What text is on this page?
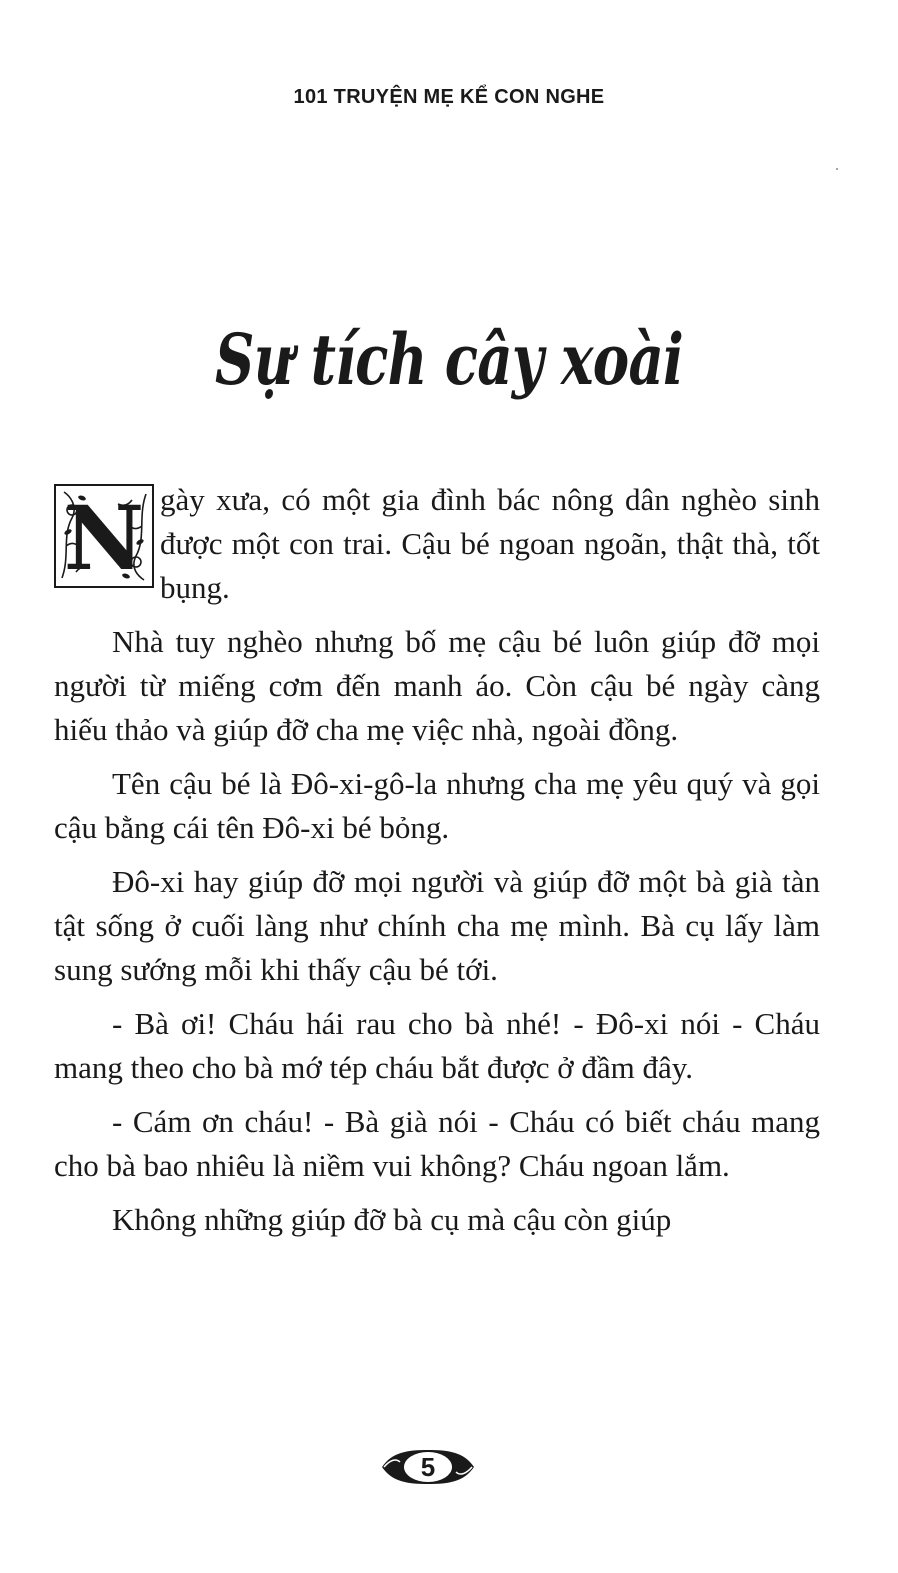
101 TRUYỆN MẸ KỂ CON NGHE
Sự tích cây xoài

N gày xưa, có một gia đình bác nông dân nghèo sinh được một con trai. Cậu bé ngoan ngoãn, thật thà, tốt bụng.

Nhà tuy nghèo nhưng bố mẹ cậu bé luôn giúp đỡ mọi người từ miếng cơm đến manh áo. Còn cậu bé ngày càng hiếu thảo và giúp đỡ cha mẹ việc nhà, ngoài đồng.

Tên cậu bé là Đô-xi-gô-la nhưng cha mẹ yêu quý và gọi cậu bằng cái tên Đô-xi bé bỏng.

Đô-xi hay giúp đỡ mọi người và giúp đỡ một bà già tàn tật sống ở cuối làng như chính cha mẹ mình. Bà cụ lấy làm sung sướng mỗi khi thấy cậu bé tới.

- Bà ơi! Cháu hái rau cho bà nhé! - Đô-xi nói - Cháu mang theo cho bà mớ tép cháu bắt được ở đầm đây.

- Cám ơn cháu! - Bà già nói - Cháu có biết cháu mang cho bà bao nhiêu là niềm vui không? Cháu ngoan lắm.

Không những giúp đỡ bà cụ mà cậu còn giúp

5
